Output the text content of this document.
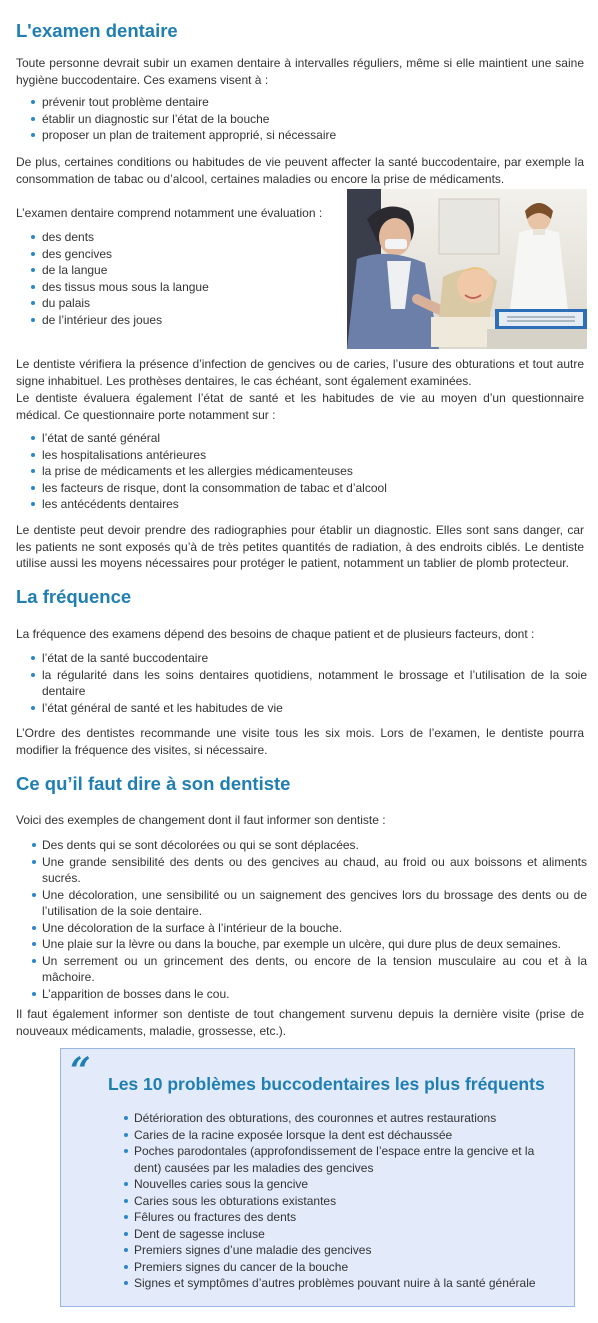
L'examen dentaire

Toute personne devrait subir un examen dentaire à intervalles réguliers, même si elle maintient une saine hygiène buccodentaire. Ces examens visent à :

prévenir tout problème dentaire
établir un diagnostic sur l’état de la bouche
proposer un plan de traitement approprié, si nécessaire

De plus, certaines conditions ou habitudes de vie peuvent affecter la santé buccodentaire, par exemple la consommation de tabac ou d’alcool, certaines maladies ou encore la prise de médicaments.

L’examen dentaire comprend notamment une évaluation :

des dents
des gencives
de la langue
des tissus mous sous la langue
du palais
de l’intérieur des joues

Le dentiste vérifiera la présence d’infection de gencives ou de caries, l’usure des obturations et tout autre signe inhabituel. Les prothèses dentaires, le cas échéant, sont également examinées.

Le dentiste évaluera également l’état de santé et les habitudes de vie au moyen d’un questionnaire médical. Ce questionnaire porte notamment sur :

l’état de santé général
les hospitalisations antérieures
la prise de médicaments et les allergies médicamenteuses
les facteurs de risque, dont la consommation de tabac et d’alcool
les antécédents dentaires

Le dentiste peut devoir prendre des radiographies pour établir un diagnostic. Elles sont sans danger, car les patients ne sont exposés qu’à de très petites quantités de radiation, à des endroits ciblés. Le dentiste utilise aussi les moyens nécessaires pour protéger le patient, notamment un tablier de plomb protecteur.

La fréquence

La fréquence des examens dépend des besoins de chaque patient et de plusieurs facteurs, dont :

l’état de la santé buccodentaire
la régularité dans les soins dentaires quotidiens, notamment le brossage et l’utilisation de la soie dentaire
l’état général de santé et les habitudes de vie

L’Ordre des dentistes recommande une visite tous les six mois. Lors de l’examen, le dentiste pourra modifier la fréquence des visites, si nécessaire.

Ce qu’il faut dire à son dentiste

Voici des exemples de changement dont il faut informer son dentiste :

Des dents qui se sont décolorées ou qui se sont déplacées.
Une grande sensibilité des dents ou des gencives au chaud, au froid ou aux boissons et aliments sucrés.
Une décoloration, une sensibilité ou un saignement des gencives lors du brossage des dents ou de l’utilisation de la soie dentaire.
Une décoloration de la surface à l’intérieur de la bouche.
Une plaie sur la lèvre ou dans la bouche, par exemple un ulcère, qui dure plus de deux semaines.
Un serrement ou un grincement des dents, ou encore de la tension musculaire au cou et à la mâchoire.
L’apparition de bosses dans le cou.

Il faut également informer son dentiste de tout changement survenu depuis la dernière visite (prise de nouveaux médicaments, maladie, grossesse, etc.).

“ Les 10 problèmes buccodentaires les plus fréquents
Détérioration des obturations, des couronnes et autres restaurations
Caries de la racine exposée lorsque la dent est déchaussée
Poches parodontales (approfondissement de l’espace entre la gencive et la dent) causées par les maladies des gencives
Nouvelles caries sous la gencive
Caries sous les obturations existantes
Fêlures ou fractures des dents
Dent de sagesse incluse
Premiers signes d’une maladie des gencives
Premiers signes du cancer de la bouche
Signes et symptômes d’autres problèmes pouvant nuire à la santé générale
